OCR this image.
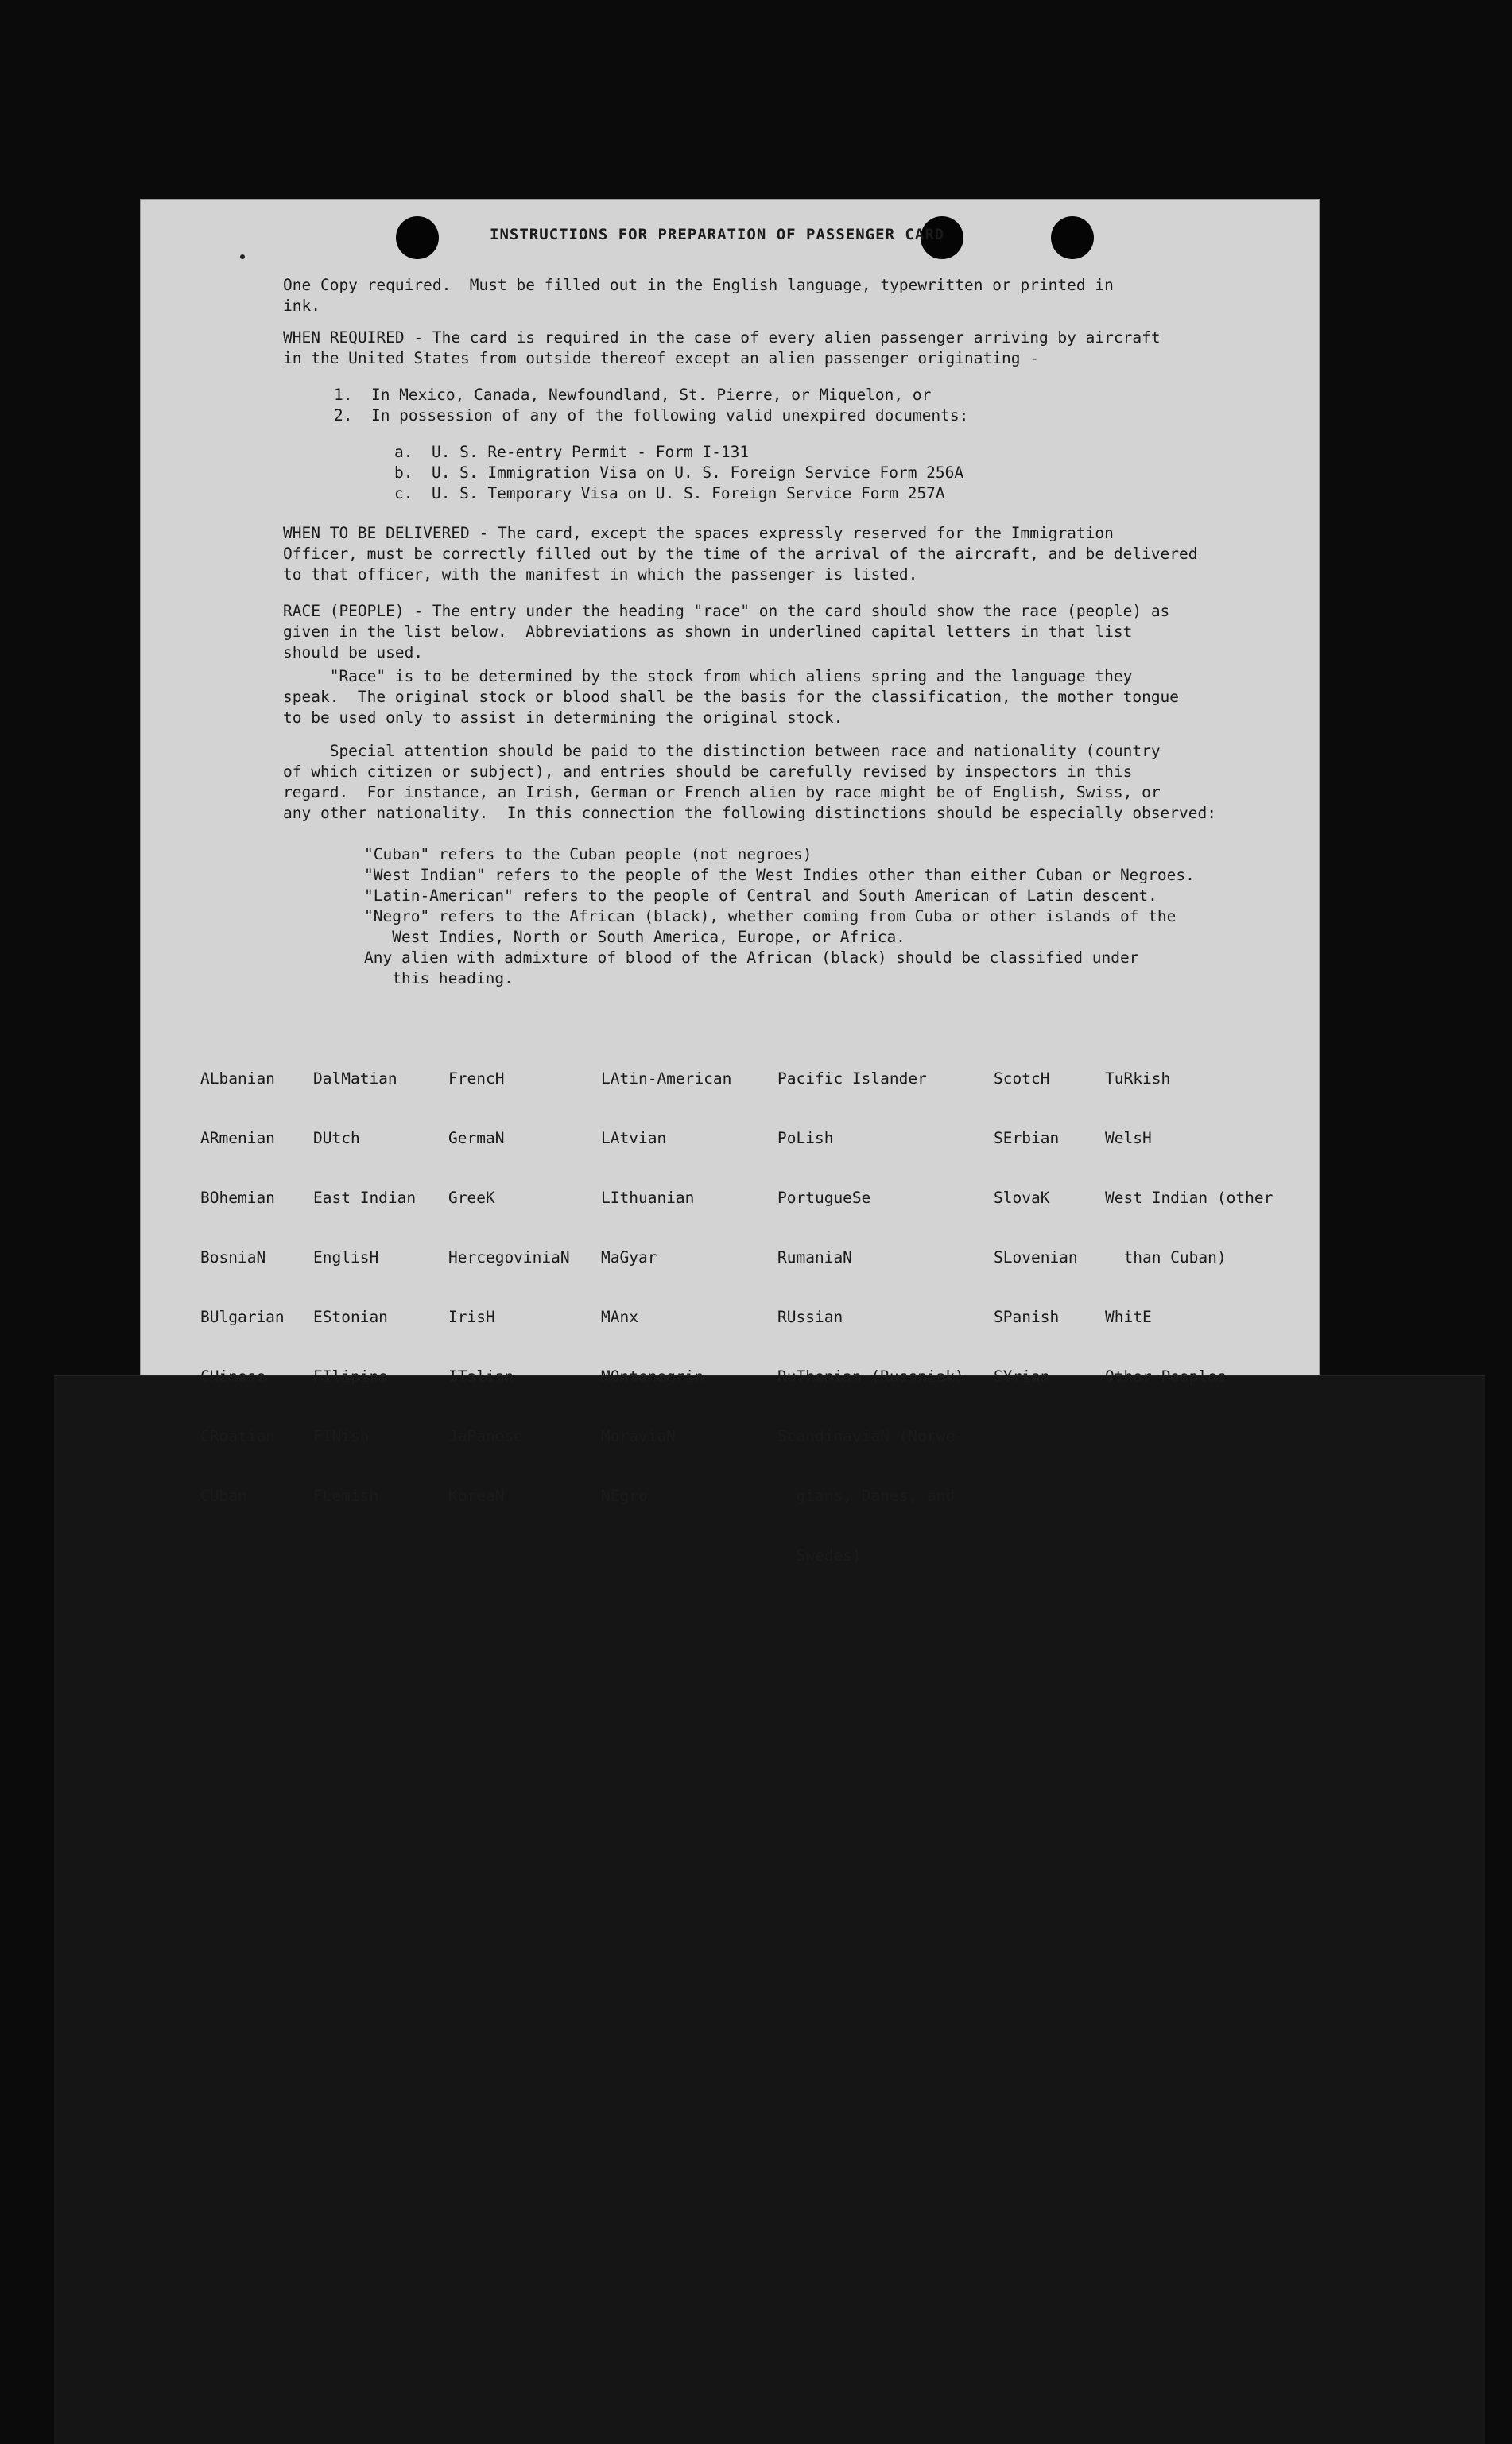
INSTRUCTIONS FOR PREPARATION OF PASSENGER CARD
One Copy required.  Must be filled out in the English language, typewritten or printed in
ink.
WHEN REQUIRED - The card is required in the case of every alien passenger arriving by aircraft
in the United States from outside thereof except an alien passenger originating -
1.  In Mexico, Canada, Newfoundland, St. Pierre, or Miquelon, or
2.  In possession of any of the following valid unexpired documents:
a.  U. S. Re-entry Permit - Form I-131
b.  U. S. Immigration Visa on U. S. Foreign Service Form 256A
c.  U. S. Temporary Visa on U. S. Foreign Service Form 257A
WHEN TO BE DELIVERED - The card, except the spaces expressly reserved for the Immigration
Officer, must be correctly filled out by the time of the arrival of the aircraft, and be delivered
to that officer, with the manifest in which the passenger is listed.
RACE (PEOPLE) - The entry under the heading "race" on the card should show the race (people) as
given in the list below.  Abbreviations as shown in underlined capital letters in that list
should be used.
"Race" is to be determined by the stock from which aliens spring and the language they
speak.  The original stock or blood shall be the basis for the classification, the mother tongue
to be used only to assist in determining the original stock.
Special attention should be paid to the distinction between race and nationality (country
of which citizen or subject), and entries should be carefully revised by inspectors in this
regard.  For instance, an Irish, German or French alien by race might be of English, Swiss, or
any other nationality.  In this connection the following distinctions should be especially observed:
"Cuban" refers to the Cuban people (not negroes)
"West Indian" refers to the people of the West Indies other than either Cuban or Negroes.
"Latin-American" refers to the people of Central and South American of Latin descent.
"Negro" refers to the African (black), whether coming from Cuba or other islands of the
West Indies, North or South America, Europe, or Africa.
Any alien with admixture of blood of the African (black) should be classified under
this heading.

ALbanian

ARmenian

BOhemian

BosniaN

BUlgarian

CHinese

CRoatian

CUban

DalMatian

DUtch

East Indian

EnglisH

EStonian

FIlipino

FINish

FLemish

FrencH

GermaN

GreeK

HercegoviniaN

IrisH

ITalian

JaPanese

KoreaN

LAtin-American

LAtvian

LIthuanian

MaGyar

MAnx

MOntenegrin

MoraviaN

NEgro

Pacific Islander

PoLish

PortugueSe

RumaniaN

RUssian

RuThenian (Russniak)

ScandinaviaN (Norwe-

gians, Danes, and

Swedes)

ScotcH

SErbian

SlovaK

SLovenian

SPanish

SYrian

TuRkish

WelsH

West Indian (other

than Cuban)

WhitE

Other Peoples
